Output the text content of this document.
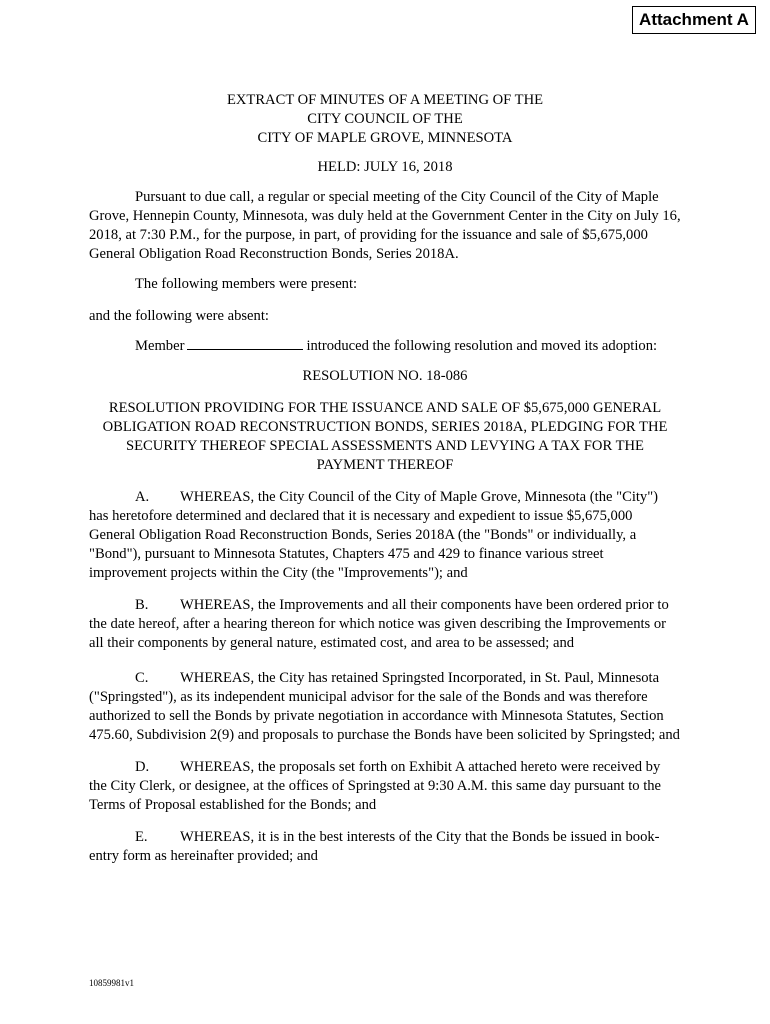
Attachment A
EXTRACT OF MINUTES OF A MEETING OF THE
CITY COUNCIL OF THE
CITY OF MAPLE GROVE, MINNESOTA
HELD: JULY 16, 2018
Pursuant to due call, a regular or special meeting of the City Council of the City of Maple Grove, Hennepin County, Minnesota, was duly held at the Government Center in the City on July 16, 2018, at 7:30 P.M., for the purpose, in part, of providing for the issuance and sale of $5,675,000 General Obligation Road Reconstruction Bonds, Series 2018A.
The following members were present:
and the following were absent:
Member	introduced the following resolution and moved its adoption:
RESOLUTION NO. 18-086
RESOLUTION PROVIDING FOR THE ISSUANCE AND SALE OF $5,675,000 GENERAL
OBLIGATION ROAD RECONSTRUCTION BONDS, SERIES 2018A, PLEDGING FOR THE
SECURITY THEREOF SPECIAL ASSESSMENTS AND LEVYING A TAX FOR THE
PAYMENT THEREOF
A. WHEREAS, the City Council of the City of Maple Grove, Minnesota (the "City") has heretofore determined and declared that it is necessary and expedient to issue $5,675,000 General Obligation Road Reconstruction Bonds, Series 2018A (the "Bonds" or individually, a "Bond"), pursuant to Minnesota Statutes, Chapters 475 and 429 to finance various street improvement projects within the City (the "Improvements"); and
B. WHEREAS, the Improvements and all their components have been ordered prior to the date hereof, after a hearing thereon for which notice was given describing the Improvements or all their components by general nature, estimated cost, and area to be assessed; and
C. WHEREAS, the City has retained Springsted Incorporated, in St. Paul, Minnesota ("Springsted"), as its independent municipal advisor for the sale of the Bonds and was therefore authorized to sell the Bonds by private negotiation in accordance with Minnesota Statutes, Section 475.60, Subdivision 2(9) and proposals to purchase the Bonds have been solicited by Springsted; and
D. WHEREAS, the proposals set forth on Exhibit A attached hereto were received by the City Clerk, or designee, at the offices of Springsted at 9:30 A.M. this same day pursuant to the Terms of Proposal established for the Bonds; and
E. WHEREAS, it is in the best interests of the City that the Bonds be issued in book-entry form as hereinafter provided; and
10859981v1
